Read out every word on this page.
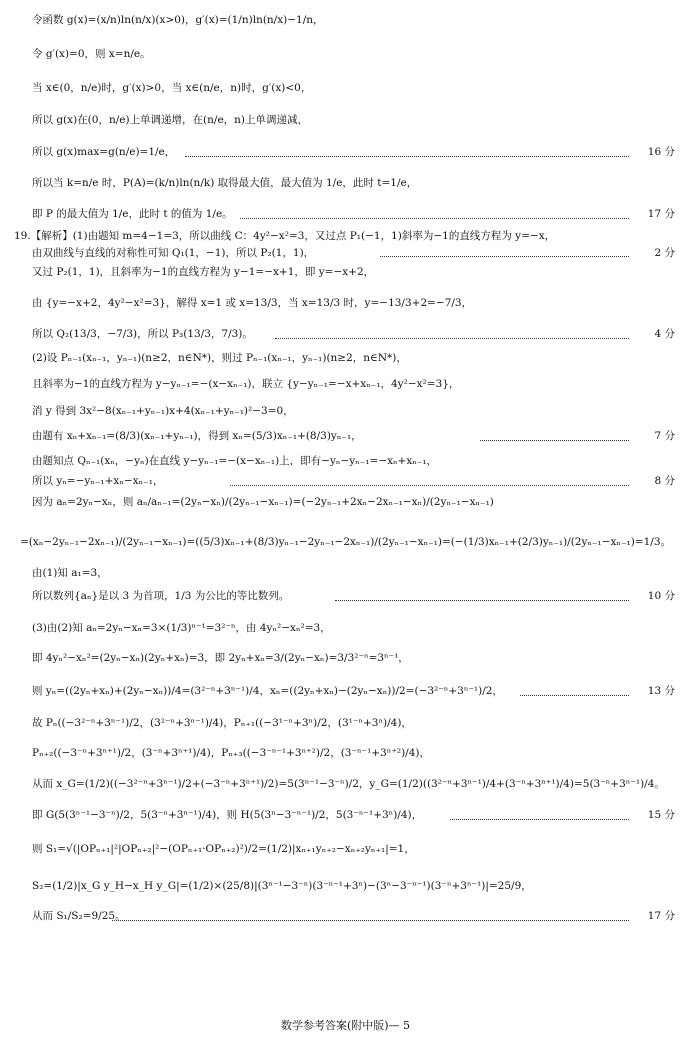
令函数 g(x)=(x/n)ln(n/x)(x>0)，g′(x)=(1/n)ln(n/x)−1/n，
令 g′(x)=0，则 x=n/e。
当 x∈(0，n/e)时，g′(x)>0，当 x∈(n/e，n)时，g′(x)<0，
所以 g(x)在(0，n/e)上单调递增，在(n/e，n)上单调递减，
所以 g(x)max=g(n/e)=1/e，
所以当 k=n/e 时，P(A)=(k/n)ln(n/k) 取得最大值，最大值为 1/e，此时 t=1/e，
即 P 的最大值为 1/e，此时 t 的值为 1/e。
19.【解析】(1)由题知 m=4−1=3，所以曲线 C：4y²−x²=3，又过点 P₁(−1，1)斜率为−1的直线方程为 y=−x，
由双曲线与直线的对称性可知 Q₁(1，−1)，所以 P₂(1，1)，
又过 P₂(1，1)，且斜率为−1的直线方程为 y−1=−x+1，即 y=−x+2，
由 {y=−x+2，4y²−x²=3}，解得 x=1 或 x=13/3，当 x=13/3 时，y=−13/3+2=−7/3，
所以 Q₂(13/3，−7/3)，所以 P₃(13/3，7/3)。
(2)设 Pₙ₋₁(xₙ₋₁，yₙ₋₁)(n≥2，n∈N*)，则过 Pₙ₋₁(xₙ₋₁，yₙ₋₁)(n≥2，n∈N*)，
且斜率为−1的直线方程为 y−yₙ₋₁=−(x−xₙ₋₁)，联立 {y−yₙ₋₁=−x+xₙ₋₁，4y²−x²=3}，
消 y 得到 3x²−8(xₙ₋₁+yₙ₋₁)x+4(xₙ₋₁+yₙ₋₁)²−3=0，
由题有 xₙ+xₙ₋₁=(8/3)(xₙ₋₁+yₙ₋₁)，得到 xₙ=(5/3)xₙ₋₁+(8/3)yₙ₋₁，
由题知点 Qₙ₋₁(xₙ，−yₙ)在直线 y−yₙ₋₁=−(x−xₙ₋₁)上，即有−yₙ−yₙ₋₁=−xₙ+xₙ₋₁，
所以 yₙ=−yₙ₋₁+xₙ−xₙ₋₁，
因为 aₙ=2yₙ−xₙ，则 aₙ/aₙ₋₁=(2yₙ−xₙ)/(2yₙ₋₁−xₙ₋₁)=(−2yₙ₋₁+2xₙ−2xₙ₋₁−xₙ)/(2yₙ₋₁−xₙ₋₁)
=(xₙ−2yₙ₋₁−2xₙ₋₁)/(2yₙ₋₁−xₙ₋₁)=((5/3)xₙ₋₁+(8/3)yₙ₋₁−2yₙ₋₁−2xₙ₋₁)/(2yₙ₋₁−xₙ₋₁)=(−(1/3)xₙ₋₁+(2/3)yₙ₋₁)/(2yₙ₋₁−xₙ₋₁)=1/3。
由(1)知 a₁=3，
所以数列{aₙ}是以 3 为首项，1/3 为公比的等比数列。
(3)由(2)知 aₙ=2yₙ−xₙ=3×(1/3)ⁿ⁻¹=3²⁻ⁿ，由 4yₙ²−xₙ²=3，
即 4yₙ²−xₙ²=(2yₙ−xₙ)(2yₙ+xₙ)=3，即 2yₙ+xₙ=3/(2yₙ−xₙ)=3/3²⁻ⁿ=3ⁿ⁻¹，
则 yₙ=((2yₙ+xₙ)+(2yₙ−xₙ))/4=(3²⁻ⁿ+3ⁿ⁻¹)/4，xₙ=((2yₙ+xₙ)−(2yₙ−xₙ))/2=(−3²⁻ⁿ+3ⁿ⁻¹)/2，
故 Pₙ((−3²⁻ⁿ+3ⁿ⁻¹)/2，(3²⁻ⁿ+3ⁿ⁻¹)/4)，Pₙ₊₁((−3¹⁻ⁿ+3ⁿ)/2，(3¹⁻ⁿ+3ⁿ)/4)，
Pₙ₊₂((−3⁻ⁿ+3ⁿ⁺¹)/2，(3⁻ⁿ+3ⁿ⁺¹)/4)，Pₙ₊₃((−3⁻ⁿ⁻¹+3ⁿ⁺²)/2，(3⁻ⁿ⁻¹+3ⁿ⁺²)/4)，
从而 x_G=(1/2)((−3²⁻ⁿ+3ⁿ⁻¹)/2+(−3⁻ⁿ+3ⁿ⁺¹)/2)=5(3ⁿ⁻¹−3⁻ⁿ)/2，y_G=(1/2)((3²⁻ⁿ+3ⁿ⁻¹)/4+(3⁻ⁿ+3ⁿ⁺¹)/4)=5(3⁻ⁿ+3ⁿ⁻¹)/4。
即 G(5(3ⁿ⁻¹−3⁻ⁿ)/2，5(3⁻ⁿ+3ⁿ⁻¹)/4)，则 H(5(3ⁿ−3⁻ⁿ⁻¹)/2，5(3⁻ⁿ⁻¹+3ⁿ)/4)，
则 S₁=√(|OPₙ₊₁|²|OPₙ₊₂|²−(OPₙ₊₁·OPₙ₊₂)²)/2=(1/2)|xₙ₊₁yₙ₊₂−xₙ₊₂yₙ₊₁|=1，
S₂=(1/2)|x_G y_H−x_H y_G|=(1/2)×(25/8)|(3ⁿ⁻¹−3⁻ⁿ)(3⁻ⁿ⁻¹+3ⁿ)−(3ⁿ−3⁻ⁿ⁻¹)(3⁻ⁿ+3ⁿ⁻¹)|=25/9，
从而 S₁/S₂=9/25。
16 分
17 分
2 分
4 分
7 分
8 分
10 分
13 分
15 分
17 分
数学参考答案(附中版)— 5
